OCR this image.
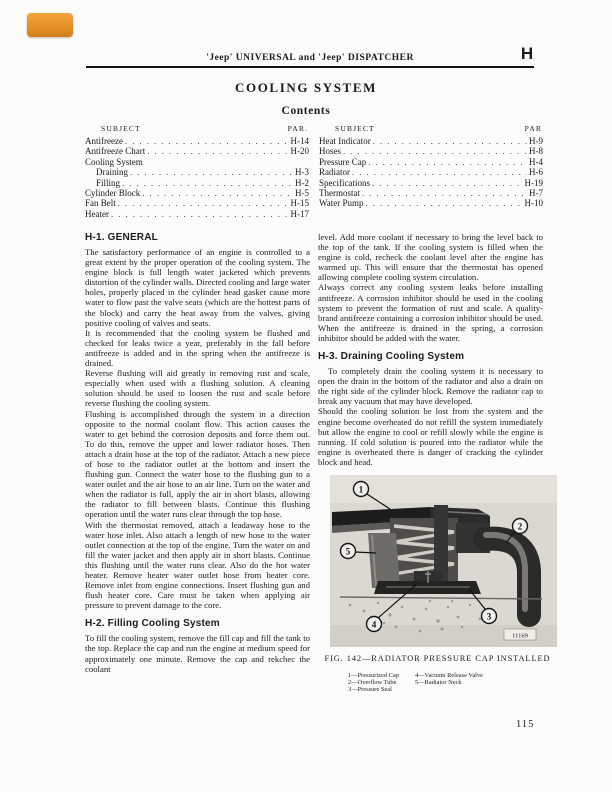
'Jeep' UNIVERSAL and 'Jeep' DISPATCHER	H
COOLING SYSTEM
Contents
SUBJECT	PAR.
Antifreeze . . .	H-14
Antifreeze Chart . . .	H-20
Cooling System
Draining . . .	H-3
Filling . . .	H-2
Cylinder Block . . .	H-5
Fan Belt . . .	H-15
Heater . . .	H-17
SUBJECT	PAR
Heat Indicator . . .	H-9
Hoses . . .	H-8
Pressure Cap . . .	H-4
Radiator . . .	H-6
Specifications . . .	H-19
Thermostat . . .	H-7
Water Pump . . .	H-10
H-1. GENERAL

The satisfactory performance of an engine is controlled to a great extent by the proper operation of the cooling system. The engine block is full length water jacketed which prevents distortion of the cylinder walls. Directed cooling and large water holes, properly placed in the cylinder head gasket cause more water to flow past the valve seats (which are the hottest parts of the block) and carry the heat away from the valves, giving positive cooling of valves and seats.

It is recommended that the cooling system be flushed and checked for leaks twice a year, preferably in the fall before antifreeze is added and in the spring when the antifreeze is drained.

Reverse flushing will aid greatly in removing rust and scale, especially when used with a flushing solution. A cleaning solution should be used to loosen the rust and scale before reverse flushing the cooling system.

Flushing is accomplished through the system in a direction opposite to the normal coolant flow. This action causes the water to get behind the corrosion deposits and force them out. To do this, remove the upper and lower radiator hoses. Then attach a drain hose at the top of the radiator. Attach a new piece of hose to the radiator outlet at the bottom and insert the flushing gun. Connect the water hose to the flushing gun to a water outlet and the air hose to an air line. Turn on the water and when the radiator is full, apply the air in short blasts, allowing the radiator to fill between blasts. Continue this flushing operation until the water runs clear through the top hose.

With the thermostat removed, attach a leadaway hose to the water hose inlet. Also attach a length of new hose to the water outlet connection at the top of the engine. Turn the water on and fill the water jacket and then apply air in short blasts. Continue this flushing until the water runs clear. Also do the hot water heater. Remove heater water outlet hose from heater core. Remove inlet from engine connections. Insert flushing gun and flush heater core. Care must be taken when applying air pressure to prevent damage to the core.

H-2. Filling Cooling System

To fill the cooling system, remove the fill cap and fill the tank to the top. Replace the cap and run the engine at medium speed for approximately one minute. Remove the cap and rekchec the coolant

level. Add more coolant if necessary to bring the level back to the top of the tank. If the cooling system is filled when the engine is cold, recheck the coolant level after the engine has warmed up. This will ensure that the thermostat has opened allowing complete cooling system circulation.

Always correct any cooling system leaks before installing antifreeze. A corrosion inhibitor should be used in the cooling system to prevent the formation of rust and scale. A quality-brand antifreeze containing a corrosion inhibitor should be used. When the antifreeze is drained in the spring, a corrosion inhibitor should be added with the water.

H-3. Draining Cooling System

To completely drain the cooling system it is necessary to open the drain in the bottom of the radiator and also a drain on the right side of the cylinder block. Remove the radiator cap to break any vacuum that may have developed.

Should the cooling solution be lost from the system and the engine become overheated do not refill the system immediately but allow the engine to cool or refill slowly while the engine is running. If cold solution is poured into the radiator while the engine is overheated there is danger of cracking the cylinder block and head.

1
2
3
4
5
11169
FIG. 142—RADIATOR PRESSURE CAP INSTALLED
1—Pressurized Cap
2—Overflow Tube
3—Pressure Seal
4—Vacuum Release Valve
5—Radiator Neck
115
